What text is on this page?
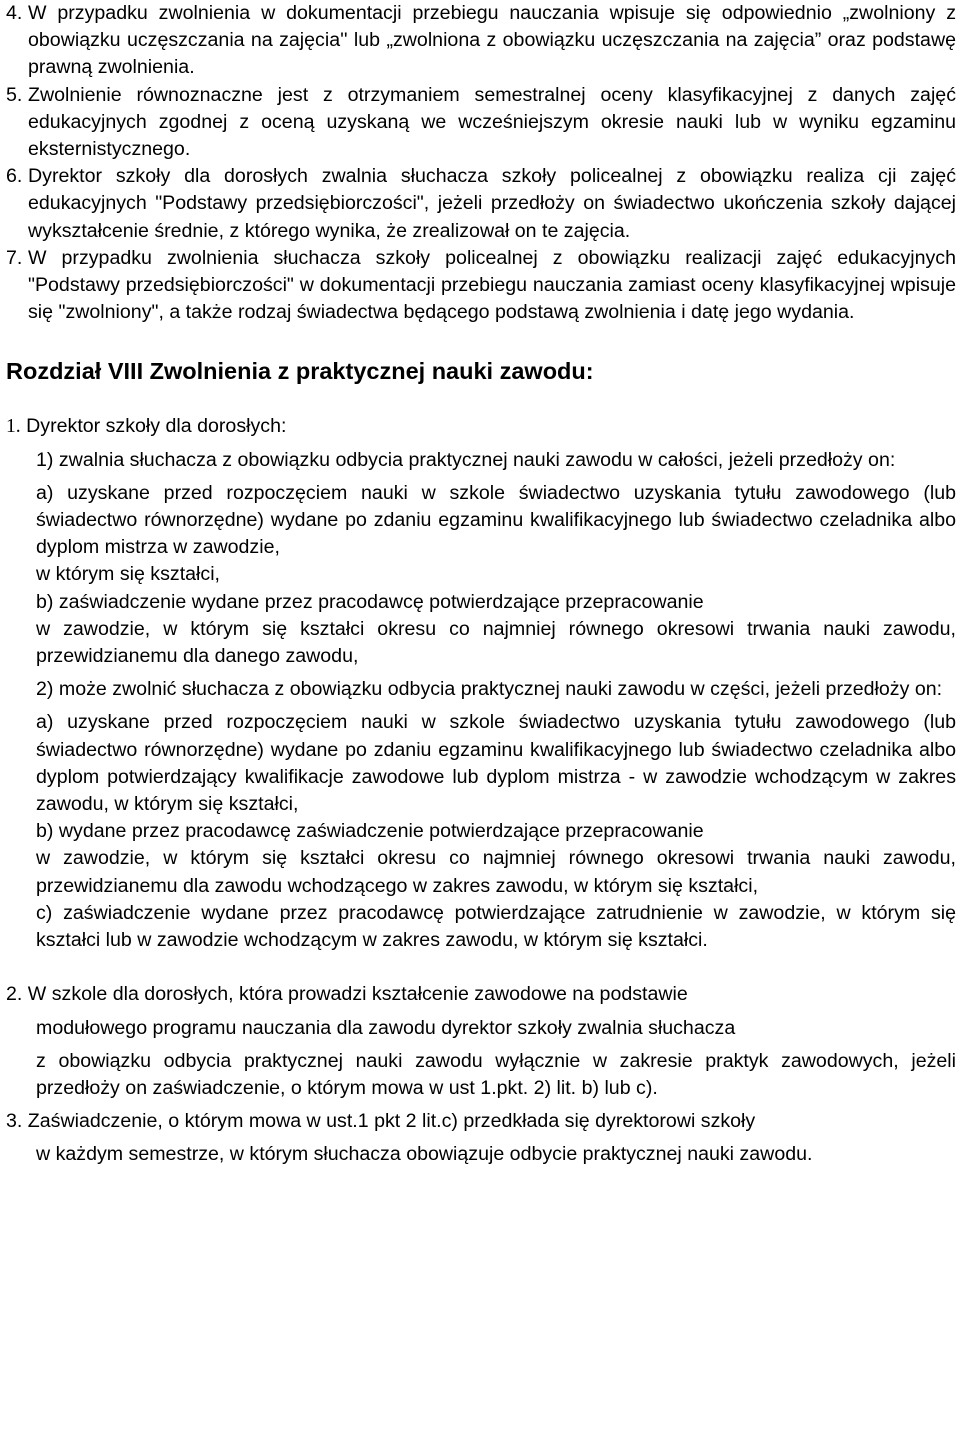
4. W przypadku zwolnienia w dokumentacji przebiegu nauczania wpisuje się odpowiednio „zwolniony z obowiązku uczęszczania na zajęcia'' lub „zwolniona z obowiązku uczęszczania na zajęcia” oraz podstawę prawną zwolnienia.

5. Zwolnienie równoznaczne jest z otrzymaniem semestralnej oceny klasyfikacyjnej z danych zajęć edukacyjnych zgodnej z oceną uzyskaną we wcześniejszym okresie nauki lub w wyniku egzaminu eksternistycznego.

6. Dyrektor szkoły dla dorosłych zwalnia słuchacza szkoły policealnej z obowiązku realiza cji zajęć edukacyjnych "Podstawy przedsiębiorczości", jeżeli przedłoży on świadectwo ukończenia szkoły dającej wykształcenie średnie, z którego wynika, że zrealizował on te zajęcia.

7. W przypadku zwolnienia słuchacza szkoły policealnej z obowiązku realizacji zajęć edukacyjnych "Podstawy przedsiębiorczości" w dokumentacji przebiegu nauczania zamiast oceny klasyfikacyjnej wpisuje się "zwolniony", a także rodzaj świadectwa będącego podstawą zwolnienia i datę jego wydania.

Rozdział VIII Zwolnienia z praktycznej nauki zawodu:

1. Dyrektor szkoły dla dorosłych:

1) zwalnia słuchacza z obowiązku odbycia praktycznej nauki zawodu w całości, jeżeli przedłoży on:

a) uzyskane przed rozpoczęciem nauki w szkole świadectwo uzyskania tytułu zawodowego (lub świadectwo równorzędne) wydane po zdaniu egzaminu kwalifikacyjnego lub świadectwo czeladnika albo dyplom mistrza w zawodzie,

w którym się kształci,

b) zaświadczenie wydane przez pracodawcę potwierdzające przepracowanie

w zawodzie, w którym się kształci okresu co najmniej równego okresowi trwania nauki zawodu, przewidzianemu dla danego zawodu,

2) może zwolnić słuchacza z obowiązku odbycia praktycznej nauki zawodu w części, jeżeli przedłoży on:

a) uzyskane przed rozpoczęciem nauki w szkole świadectwo uzyskania tytułu zawodowego (lub świadectwo równorzędne) wydane po zdaniu egzaminu kwalifikacyjnego lub świadectwo czeladnika albo dyplom potwierdzający kwalifikacje zawodowe lub dyplom mistrza - w zawodzie wchodzącym w zakres zawodu, w którym się kształci,

b) wydane przez pracodawcę zaświadczenie potwierdzające przepracowanie

w zawodzie, w którym się kształci okresu co najmniej równego okresowi trwania nauki zawodu, przewidzianemu dla zawodu wchodzącego w zakres zawodu, w którym się kształci,

c) zaświadczenie wydane przez pracodawcę potwierdzające zatrudnienie w zawodzie, w którym się kształci lub w zawodzie wchodzącym w zakres zawodu, w którym się kształci.

2. W szkole dla dorosłych, która prowadzi kształcenie zawodowe na podstawie

modułowego programu nauczania dla zawodu dyrektor szkoły zwalnia słuchacza

z obowiązku odbycia praktycznej nauki zawodu wyłącznie w zakresie praktyk zawodowych, jeżeli przedłoży on zaświadczenie, o którym mowa w ust 1.pkt. 2) lit. b) lub c).

3. Zaświadczenie, o którym mowa w ust.1 pkt 2 lit.c) przedkłada się dyrektorowi szkoły

w każdym semestrze, w którym słuchacza obowiązuje odbycie praktycznej nauki zawodu.
